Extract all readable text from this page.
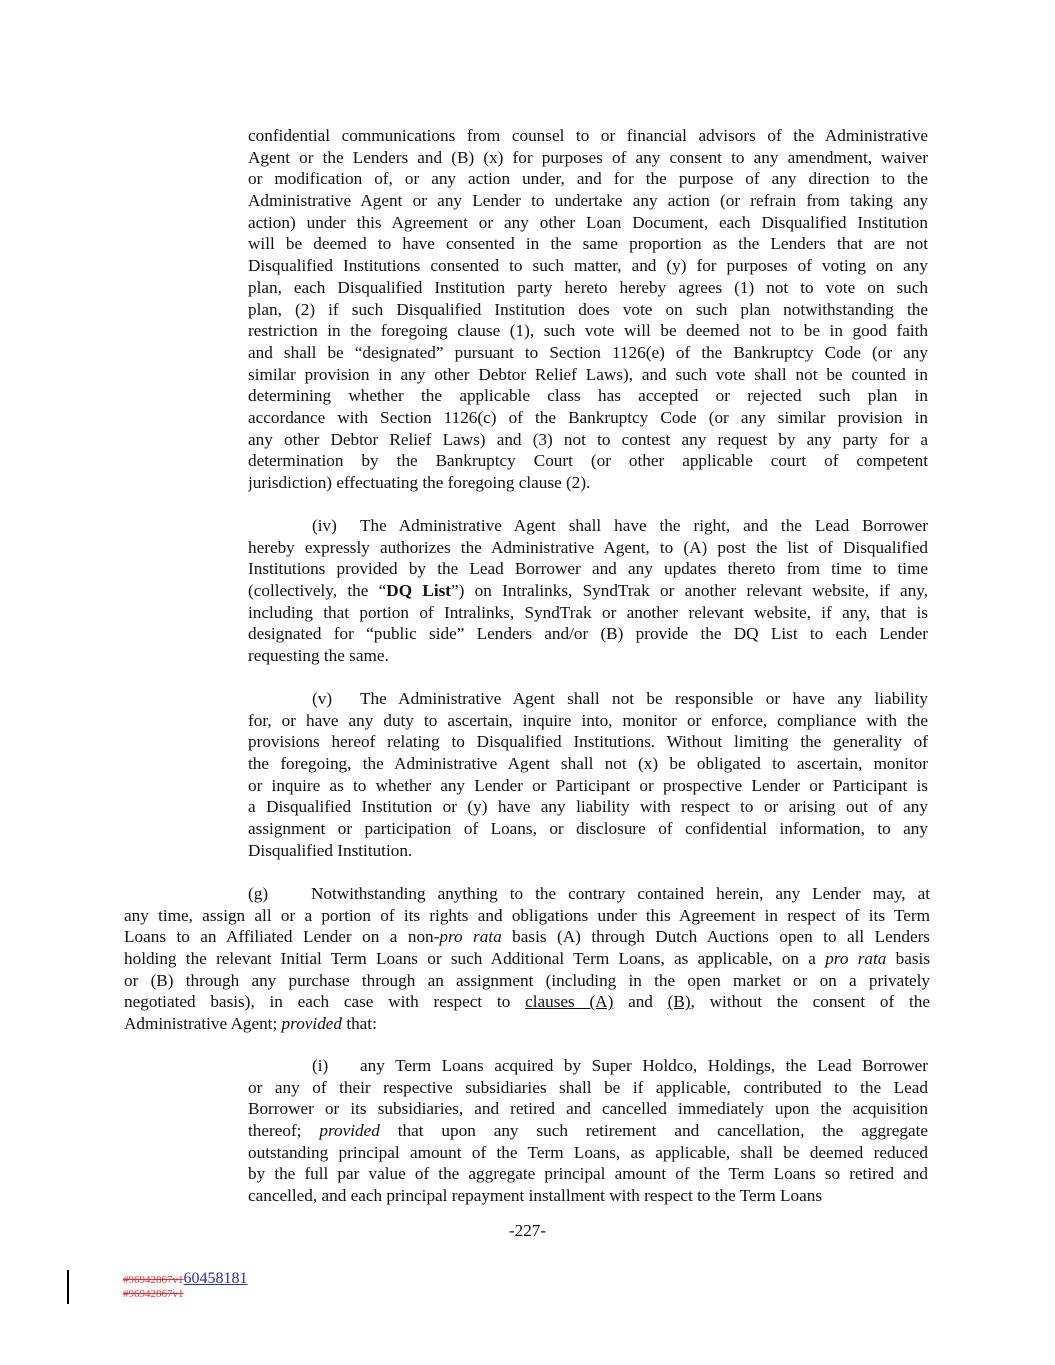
confidential communications from counsel to or financial advisors of the Administrative
Agent or the Lenders and (B) (x) for purposes of any consent to any amendment, waiver
or modification of, or any action under, and for the purpose of any direction to the
Administrative Agent or any Lender to undertake any action (or refrain from taking any
action) under this Agreement or any other Loan Document, each Disqualified Institution
will be deemed to have consented in the same proportion as the Lenders that are not
Disqualified Institutions consented to such matter, and (y) for purposes of voting on any
plan, each Disqualified Institution party hereto hereby agrees (1) not to vote on such
plan, (2) if such Disqualified Institution does vote on such plan notwithstanding the
restriction in the foregoing clause (1), such vote will be deemed not to be in good faith
and shall be “designated” pursuant to Section 1126(e) of the Bankruptcy Code (or any
similar provision in any other Debtor Relief Laws), and such vote shall not be counted in
determining whether the applicable class has accepted or rejected such plan in
accordance with Section 1126(c) of the Bankruptcy Code (or any similar provision in
any other Debtor Relief Laws) and (3) not to contest any request by any party for a
determination by the Bankruptcy Court (or other applicable court of competent
jurisdiction) effectuating the foregoing clause (2).
(iv) The Administrative Agent shall have the right, and the Lead Borrower
hereby expressly authorizes the Administrative Agent, to (A) post the list of Disqualified
Institutions provided by the Lead Borrower and any updates thereto from time to time
(collectively, the “DQ List”) on Intralinks, SyndTrak or another relevant website, if any,
including that portion of Intralinks, SyndTrak or another relevant website, if any, that is
designated for “public side” Lenders and/or (B) provide the DQ List to each Lender
requesting the same.
(v) The Administrative Agent shall not be responsible or have any liability
for, or have any duty to ascertain, inquire into, monitor or enforce, compliance with the
provisions hereof relating to Disqualified Institutions. Without limiting the generality of
the foregoing, the Administrative Agent shall not (x) be obligated to ascertain, monitor
or inquire as to whether any Lender or Participant or prospective Lender or Participant is
a Disqualified Institution or (y) have any liability with respect to or arising out of any
assignment or participation of Loans, or disclosure of confidential information, to any
Disqualified Institution.
(g) Notwithstanding anything to the contrary contained herein, any Lender may, at
any time, assign all or a portion of its rights and obligations under this Agreement in respect of its Term
Loans to an Affiliated Lender on a non-pro rata basis (A) through Dutch Auctions open to all Lenders
holding the relevant Initial Term Loans or such Additional Term Loans, as applicable, on a pro rata basis
or (B) through any purchase through an assignment (including in the open market or on a privately
negotiated basis), in each case with respect to clauses (A) and (B), without the consent of the
Administrative Agent; provided that:
(i) any Term Loans acquired by Super Holdco, Holdings, the Lead Borrower
or any of their respective subsidiaries shall be if applicable, contributed to the Lead
Borrower or its subsidiaries, and retired and cancelled immediately upon the acquisition
thereof; provided that upon any such retirement and cancellation, the aggregate
outstanding principal amount of the Term Loans, as applicable, shall be deemed reduced
by the full par value of the aggregate principal amount of the Term Loans so retired and
cancelled, and each principal repayment installment with respect to the Term Loans
-227-
#96942867v160458181
#96942867v1
